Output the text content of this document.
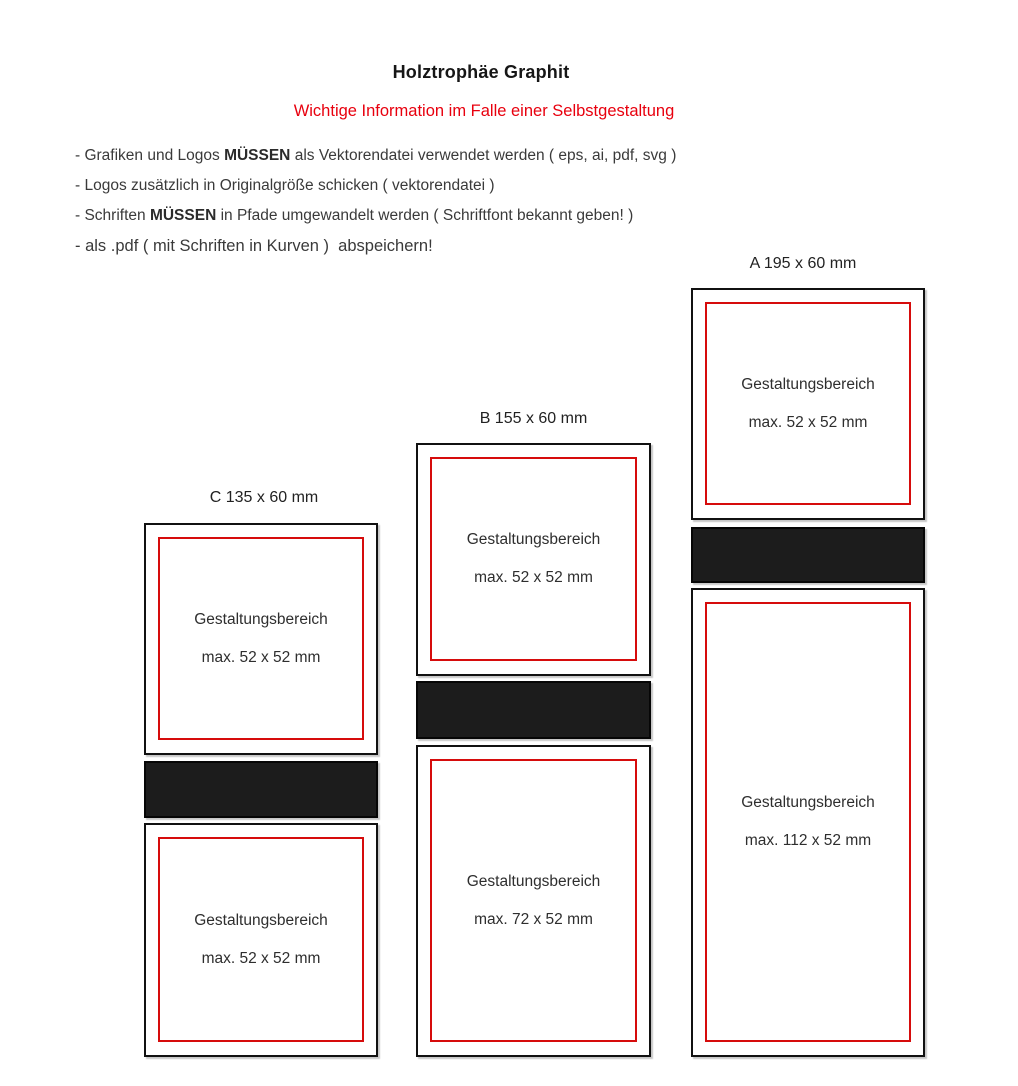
Holztrophäe Graphit
Wichtige Information im Falle einer Selbstgestaltung
- Grafiken und Logos MÜSSEN als Vektorendatei verwendet werden ( eps, ai, pdf, svg )
- Logos zusätzlich in Originalgröße schicken ( vektorendatei )
- Schriften MÜSSEN in Pfade umgewandelt werden ( Schriftfont bekannt geben! )
- als .pdf ( mit Schriften in Kurven )  abspeichern!
A 195 x 60 mm
Gestaltungsbereich
max. 52 x 52 mm
Gestaltungsbereich
max. 112 x 52 mm
B 155 x 60 mm
Gestaltungsbereich
max. 52 x 52 mm
Gestaltungsbereich
max. 72 x 52 mm
C 135 x 60 mm
Gestaltungsbereich
max. 52 x 52 mm
Gestaltungsbereich
max. 52 x 52 mm
